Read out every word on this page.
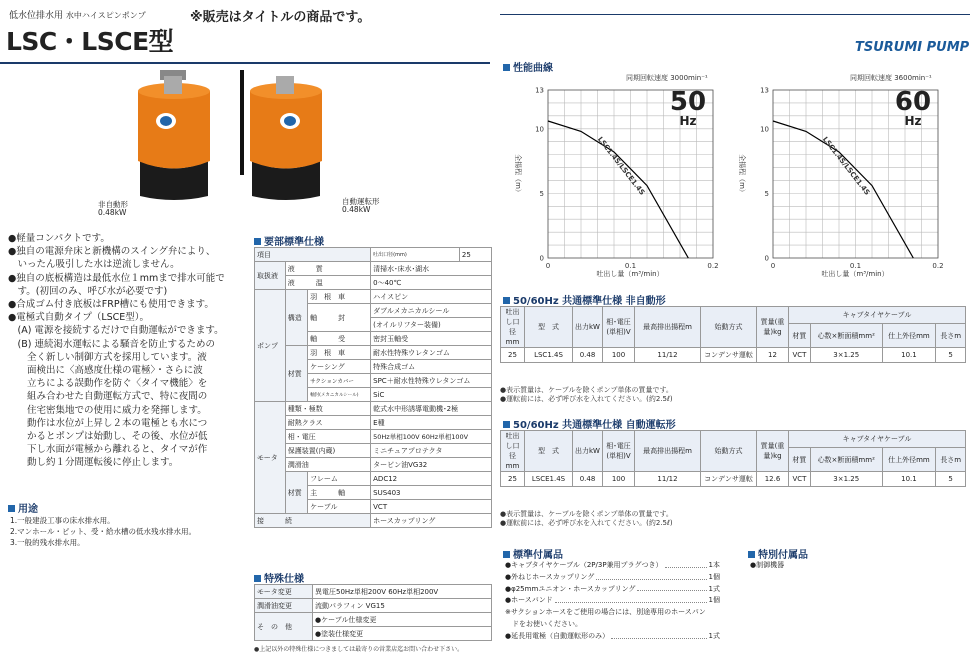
低水位排水用 水中ハイスピンポンプ	※販売はタイトルの商品です。
LSC・LSCE型	TSURUMI PUMP
非自動形
0.48kW
自動運転形
0.48kW
●軽量コンパクトです。
●独自の電源弁床と新機構のスイング弁により、
　いったん吸引した水は逆流しません。
●独自の底板構造は最低水位１mmまで排水可能で
　す。(初回のみ、呼び水が必要です)
●合成ゴム付き底板はFRP槽にも使用できます。
●電極式自動タイプ（LSCE型）。
　(A) 電源を接続するだけで自動運転ができます。
　(B) 連続渇水運転による騒音を防止するための
　　全く新しい制御方式を採用しています。液
　　面検出に〈高感度仕様の電極〉・さらに波
　　立ちによる誤動作を防ぐ〈タイマ機能〉を
　　組み合わせた自動運転方式で、特に夜間の
　　住宅密集地での使用に威力を発揮します。
　　動作は水位が上昇し２本の電極とも水につ
　　かるとポンプは始動し、その後、水位が低
　　下し水面が電極から離れると、タイマが作
　　動し約１分間運転後に停止します。
用途
1.一般建設工事の床水排水用。
2.マンホール・ピット、受・給水槽の低水残水排水用。
3.一般的残水排水用。
要部標準仕様
項目			吐出口径(mm)	25
取扱液	液　　　質		清掃水･床水･湖水	
	液　　　温		0〜40℃	
ポンプ	構造	羽　根　車	ハイスピン	
		軸　　　封	ダブルメカニカルシール	
			(オイルリフター装備)	
		軸　　　受	密封玉軸受	
	材質	羽　根　車	耐水性特殊ウレタンゴム	
		ケーシング	特殊合成ゴム	
		サクションカバー	SPC＋耐水性特殊ウレタンゴム	
		軸封(メカニカルシール)	SiC	
モータ	種類・極数		乾式水中形誘導電動機･2極	
	耐熱クラス		E種	
	相・電圧		50Hz単相100V 60Hz単相100V	
	保護装置(内蔵)		ミニチュアプロテクタ	
	潤滑油		タービン油VG32	
	材質	フレーム	ADC12	
		主　　　軸	SUS403	
		ケーブル	VCT	
接　　　続			ホースカップリング	
特殊仕様
モータ変更	異電圧50Hz単相200V 60Hz単相200V
潤滑油変更	流動パラフィン VG15
そ　の　他	●ケーブル仕様変更
	●塗装仕様変更
●上記以外の特殊仕様につきましては最寄りの営業店迄お問い合わせ下さい。
性能曲線
同期回転速度 3000min⁻¹	同期回転速度 3600min⁻¹
0
5
10
13
0	0.1	0.2
LSC1.4S/LSCE1.4S
全揚程（m）
吐出し量（m³/min）
0
5
10
13
0	0.1	0.2
LSC1.4S/LSCE1.4S
全揚程（m）
吐出し量（m³/min）
50
Hz
60
Hz
50/60Hz 共通標準仕様 非自動形
吐出し口径mm	型　式	出力kW	相･電圧(単相)V	最高排出揚程m	始動方式	質量(重量)kg	キャブタイヤケーブル			
							材質	心数×断面積mm²	仕上外径mm	長さm
25	LSC1.4S	0.48	100	11/12	コンデンサ運転	12	VCT	3×1.25	10.1	5
●表示質量は、ケーブルを除くポンプ単体の質量です。
●運転前には、必ず呼び水を入れてください。(約2.5ℓ)
50/60Hz 共通標準仕様 自動運転形
吐出し口径mm	型　式	出力kW	相･電圧(単相)V	最高排出揚程m	始動方式	質量(重量)kg	キャブタイヤケーブル			
							材質	心数×断面積mm²	仕上外径mm	長さm
25	LSCE1.4S	0.48	100	11/12	コンデンサ運転	12.6	VCT	3×1.25	10.1	5
●表示質量は、ケーブルを除くポンプ単体の質量です。
●運転前には、必ず呼び水を入れてください。(約2.5ℓ)
標準付属品
●キャブタイヤケーブル（2P/3P兼用プラグつき）	1本
●外ねじホースカップリング	1個
●φ25mmユニオン・ホースカップリング	1式
●ホースバンド	1個
※サクションホースをご使用の場合には、別途専用のホースパン
　ドをお使いください。
●延長用電極（自動運転形のみ）	1式
特別付属品
●制御機器
